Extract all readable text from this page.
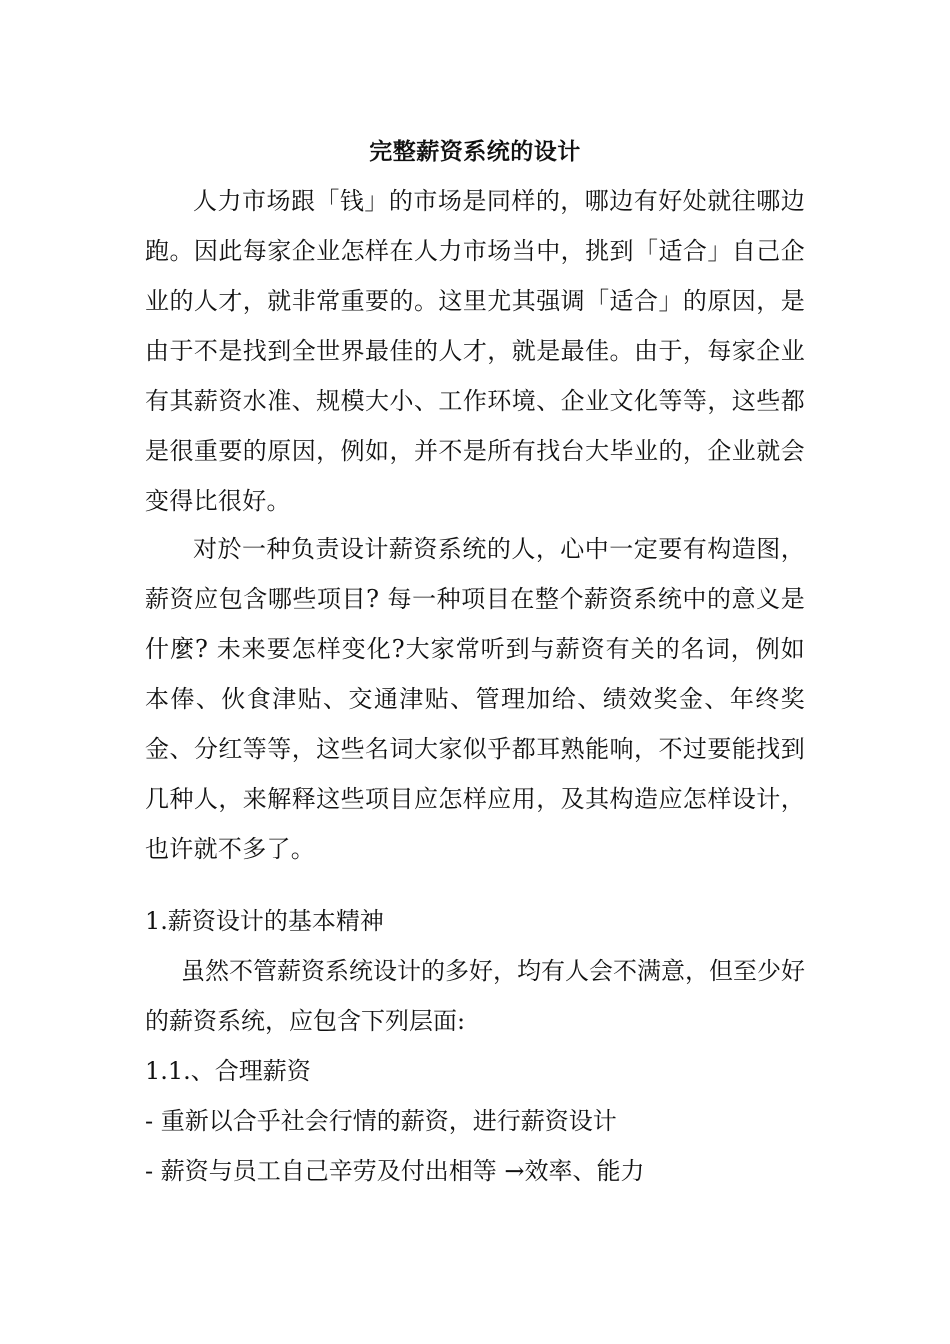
完整薪资系统的设计

人力市场跟「钱」的市场是同样的，哪边有好处就往哪边跑。因此每家企业怎样在人力市场当中，挑到「适合」自己企业的人才，就非常重要的。这里尤其强调「适合」的原因，是由于不是找到全世界最佳的人才，就是最佳。由于，每家企业有其薪资水准、规模大小、工作环境、企业文化等等，这些都是很重要的原因，例如，并不是所有找台大毕业的，企业就会变得比很好。

对於一种负责设计薪资系统的人，心中一定要有构造图，薪资应包含哪些项目? 每一种项目在整个薪资系统中的意义是什麼? 未来要怎样变化?大家常听到与薪资有关的名词，例如本俸、伙食津贴、交通津贴、管理加给、绩效奖金、年终奖金、分红等等，这些名词大家似乎都耳熟能响，不过要能找到几种人，来解释这些项目应怎样应用，及其构造应怎样设计，也许就不多了。

1.薪资设计的基本精神

虽然不管薪资系统设计的多好，均有人会不满意，但至少好的薪资系统，应包含下列层面:

1.1.、合理薪资

- 重新以合乎社会行情的薪资，进行薪资设计

- 薪资与员工自己辛劳及付出相等 →效率、能力
